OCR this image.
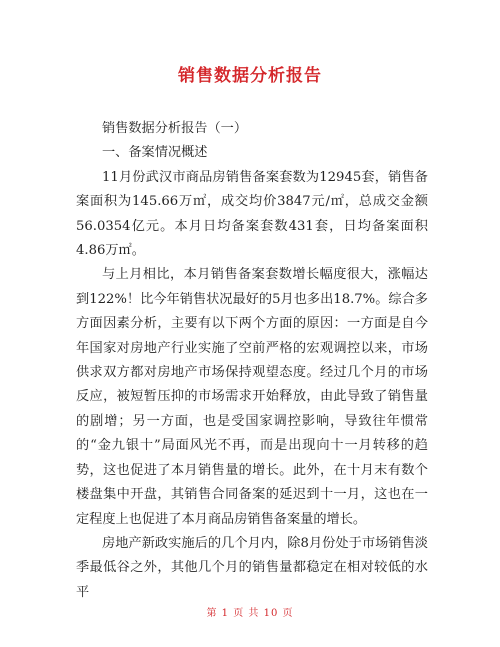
销售数据分析报告

销售数据分析报告（一）

一、备案情况概述

11月份武汉市商品房销售备案套数为12945套，销售备案面积为145.66万㎡，成交均价3847元/㎡，总成交金额56.0354亿元。本月日均备案套数431套，日均备案面积4.86万㎡。

与上月相比，本月销售备案套数增长幅度很大，涨幅达到122%！比今年销售状况最好的5月也多出18.7%。综合多方面因素分析，主要有以下两个方面的原因：一方面是自今年国家对房地产行业实施了空前严格的宏观调控以来，市场供求双方都对房地产市场保持观望态度。经过几个月的市场反应，被短暂压抑的市场需求开始释放，由此导致了销售量的剧增；另一方面，也是受国家调控影响，导致往年惯常的“金九银十”局面风光不再，而是出现向十一月转移的趋势，这也促进了本月销售量的增长。此外，在十月末有数个楼盘集中开盘，其销售合同备案的延迟到十一月，这也在一定程度上也促进了本月商品房销售备案量的增长。

房地产新政实施后的几个月内，除8月份处于市场销售淡季最低谷之外，其他几个月的销售量都稳定在相对较低的水平

第 1 页 共 10 页
